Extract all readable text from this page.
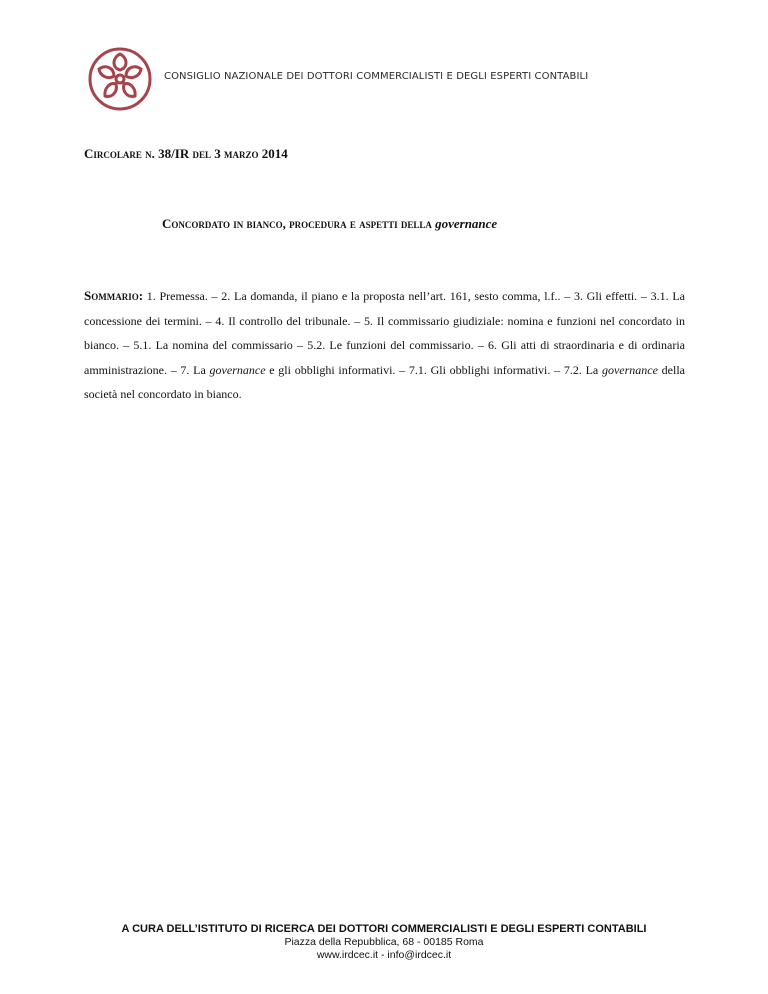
CONSIGLIO NAZIONALE DEI DOTTORI COMMERCIALISTI E DEGLI ESPERTI CONTABILI
Circolare n. 38/IR del 3 marzo 2014
Concordato in bianco, procedura e aspetti della governance
Sommario: 1. Premessa. – 2. La domanda, il piano e la proposta nell’art. 161, sesto comma, l.f.. – 3. Gli effetti. – 3.1. La concessione dei termini. – 4. Il controllo del tribunale. – 5. Il commissario giudiziale: nomina e funzioni nel concordato in bianco. – 5.1. La nomina del commissario – 5.2. Le funzioni del commissario. – 6. Gli atti di straordinaria e di ordinaria amministrazione. – 7. La governance e gli obblighi informativi. – 7.1. Gli obblighi informativi. – 7.2. La governance della società nel concordato in bianco.
A CURA DELL’ISTITUTO DI RICERCA DEI DOTTORI COMMERCIALISTI E DEGLI ESPERTI CONTABILI
Piazza della Repubblica, 68 - 00185 Roma
www.irdcec.it - info@irdcec.it
